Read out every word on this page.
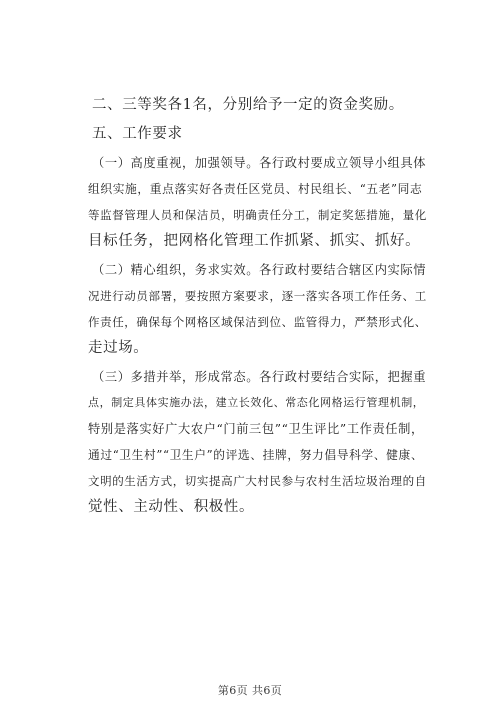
二、三等奖各1名，分别给予一定的资金奖励。
五、工作要求
（一）高度重视，加强领导。各行政村要成立领导小组具体
组织实施，重点落实好各责任区党员、村民组长、“五老”同志
等监督管理人员和保洁员，明确责任分工，制定奖惩措施，量化
目标任务，把网格化管理工作抓紧、抓实、抓好。
（二）精心组织，务求实效。各行政村要结合辖区内实际情
况进行动员部署，要按照方案要求，逐一落实各项工作任务、工
作责任，确保每个网格区域保洁到位、监管得力，严禁形式化、
走过场。
（三）多措并举，形成常态。各行政村要结合实际，把握重
点，制定具体实施办法，建立长效化、常态化网格运行管理机制，
特别是落实好广大农户“门前三包”“卫生评比”工作责任制，
通过“卫生村”“卫生户”的评选、挂牌，努力倡导科学、健康、
文明的生活方式，切实提高广大村民参与农村生活垃圾治理的自
觉性、主动性、积极性。
第6页 共6页
